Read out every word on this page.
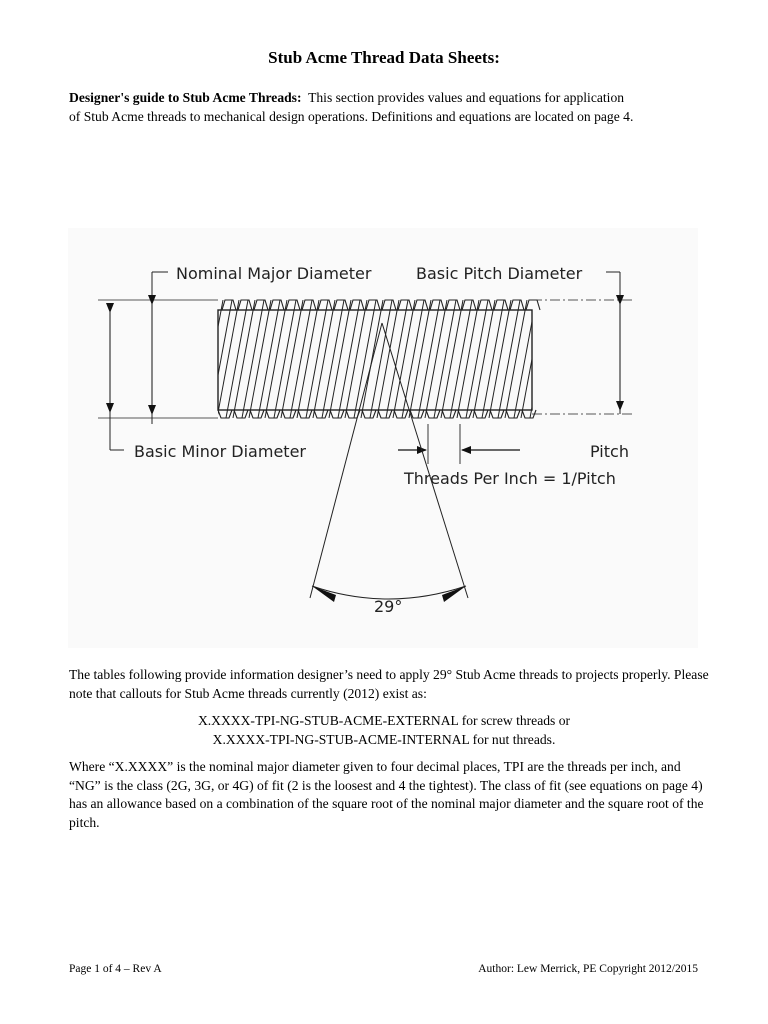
Stub Acme Thread Data Sheets:
Designer's guide to Stub Acme Threads: This section provides values and equations for application
of Stub Acme threads to mechanical design operations. Definitions and equations are located on page 4.
Nominal Major Diameter	Basic Pitch Diameter
Basic Minor Diameter	Pitch
Threads Per Inch = 1/Pitch
29°
The tables following provide information designer’s need to apply 29° Stub Acme threads to projects properly. Please note that callouts for Stub Acme threads currently (2012) exist as:
X.XXXX-TPI-NG-STUB-ACME-EXTERNAL for screw threads or
X.XXXX-TPI-NG-STUB-ACME-INTERNAL for nut threads.
Where “X.XXXX” is the nominal major diameter given to four decimal places, TPI are the threads per inch, and “NG” is the class (2G, 3G, or 4G) of fit (2 is the loosest and 4 the tightest). The class of fit (see equations on page 4) has an allowance based on a combination of the square root of the nominal major diameter and the square root of the pitch.
Page 1 of 4 – Rev A	Author: Lew Merrick, PE Copyright 2012/2015
